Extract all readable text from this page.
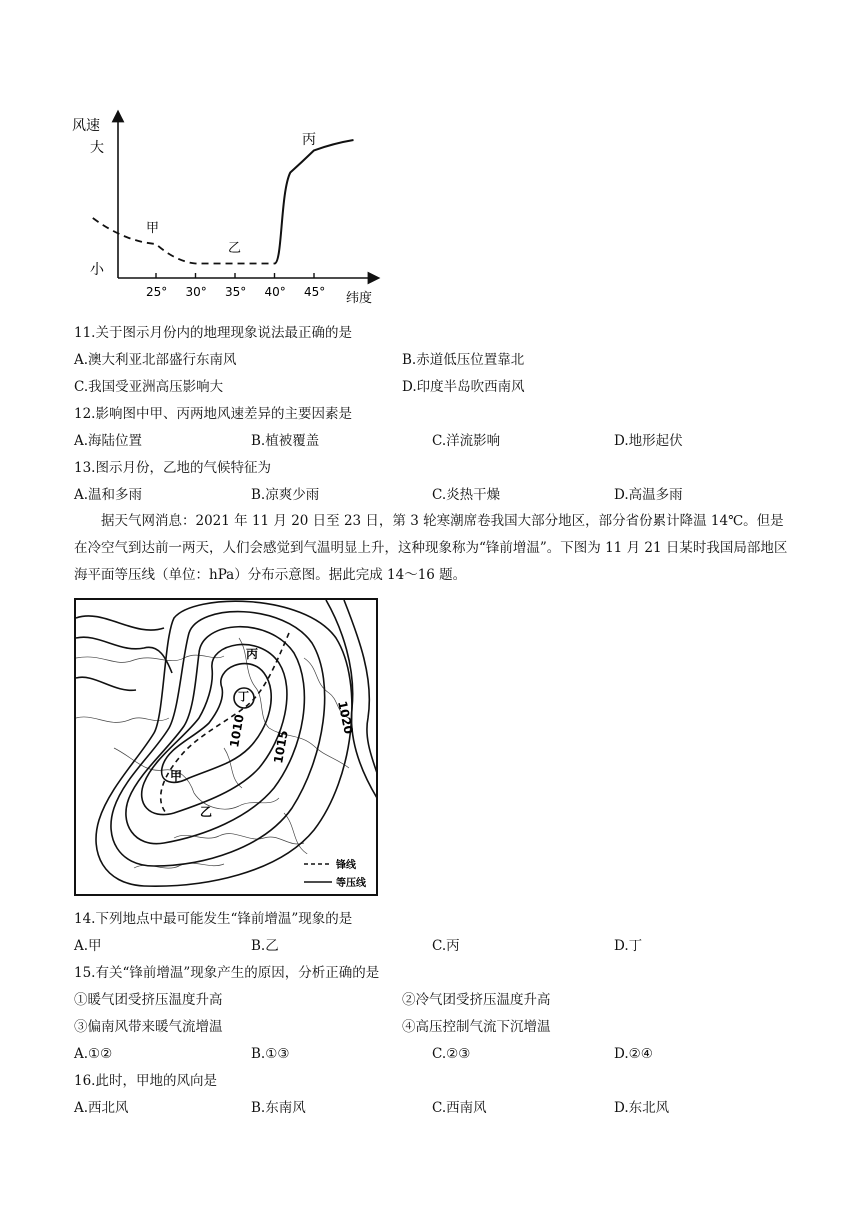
风速
大
小
纬度
25° 30° 35° 40° 45°
甲
乙
丙
11.关于图示月份内的地理现象说法最正确的是
A.澳大利亚北部盛行东南风	B.赤道低压位置靠北
C.我国受亚洲高压影响大	D.印度半岛吹西南风
12.影响图中甲、丙两地风速差异的主要因素是
A.海陆位置	B.植被覆盖	C.洋流影响	D.地形起伏
13.图示月份，乙地的气候特征为
A.温和多雨	B.凉爽少雨	C.炎热干燥	D.高温多雨
据天气网消息：2021 年 11 月 20 日至 23 日，第 3 轮寒潮席卷我国大部分地区，部分省份累计降温 14℃。但是在冷空气到达前一两天，人们会感觉到气温明显上升，这种现象称为“锋前增温”。下图为 11 月 21 日某时我国局部地区海平面等压线（单位：hPa）分布示意图。据此完成 14～16 题。
1010 1015
1020
丙
丁
甲
乙
锋线
等压线
14.下列地点中最可能发生“锋前增温”现象的是
A.甲	B.乙	C.丙	D.丁
15.有关“锋前增温”现象产生的原因，分析正确的是
①暖气团受挤压温度升高	②冷气团受挤压温度升高
③偏南风带来暖气流增温	④高压控制气流下沉增温
A.①②	B.①③	C.②③	D.②④
16.此时，甲地的风向是
A.西北风	B.东南风	C.西南风	D.东北风
